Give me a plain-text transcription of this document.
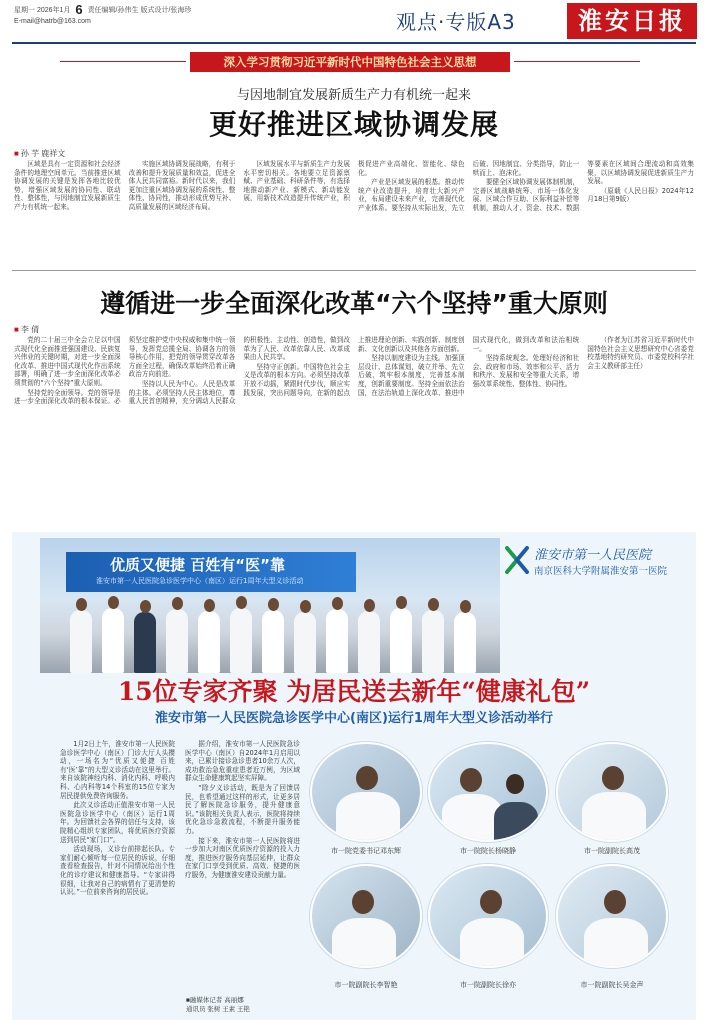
星期一 2026年1月 6 责任编辑/孙伟生 版式设计/张海珍
E-mail@hatrb@163.com	观点·专版A3	淮安日报
深入学习贯彻习近平新时代中国特色社会主义思想
与因地制宜发展新质生产力有机统一起来
更好推进区域协调发展
■ 孙 芋 鹿祥文

区域是具有一定资源和社会经济条件的地理空间单元。当前推进区域协调发展的关键是发挥各地比较优势，增强区域发展的协同性、联动性、整体性，与因地制宜发展新质生产力有机统一起来。

实施区域协调发展战略，有利于改善和提升发展质量和效益，促进全体人民共同富裕。新时代以来，我们更加注重区域协调发展的系统性、整体性、协同性，推动形成优势互补、高质量发展的区域经济布局。

区域发展水平与新质生产力发展水平密切相关。各地要立足资源禀赋、产业基础、科研条件等，有选择地推动新产业、新模式、新动能发展，用新技术改造提升传统产业，积极促进产业高端化、智能化、绿色化。

产业是区域发展的根基。推动传统产业改造提升，培育壮大新兴产业，布局建设未来产业，完善现代化产业体系。要坚持从实际出发，先立后破、因地制宜、分类指导，防止一哄而上、泡沫化。

要健全区域协调发展体制机制，完善区域战略统筹、市场一体化发展、区域合作互助、区际利益补偿等机制，推动人才、资金、技术、数据等要素在区域间合理流动和高效集聚，以区域协调发展促进新质生产力发展。

（原载《人民日报》2024年12月18日第9版）

遵循进一步全面深化改革“六个坚持”重大原则
■ 李 倩

党的二十届三中全会立足以中国式现代化全面推进强国建设、民族复兴伟业的关键时期，对进一步全面深化改革、推进中国式现代化作出系统部署，明确了进一步全面深化改革必须贯彻的“六个坚持”重大原则。

坚持党的全面领导。党的领导是进一步全面深化改革的根本保证。必须坚定维护党中央权威和集中统一领导，发挥党总揽全局、协调各方的领导核心作用，把党的领导贯穿改革各方面全过程，确保改革始终沿着正确政治方向前进。

坚持以人民为中心。人民是改革的主体。必须坚持人民主体地位，尊重人民首创精神，充分调动人民群众的积极性、主动性、创造性，做到改革为了人民、改革依靠人民、改革成果由人民共享。

坚持守正创新。中国特色社会主义是改革的根本方向。必须坚持改革开放不动摇，紧跟时代步伐，顺应实践发展，突出问题导向，在新的起点上推进理论创新、实践创新、制度创新、文化创新以及其他各方面创新。

坚持以制度建设为主线。加强顶层设计、总体谋划，破立并举、先立后破，筑牢根本制度，完善基本制度，创新重要制度。坚持全面依法治国，在法治轨道上深化改革、推进中国式现代化，做到改革和法治相统一。

坚持系统观念。处理好经济和社会、政府和市场、效率和公平、活力和秩序、发展和安全等重大关系，增强改革系统性、整体性、协同性。

（作者为江苏省习近平新时代中国特色社会主义思想研究中心省委党校基地特约研究员、市委党校科学社会主义教研部主任）

优质又便捷 百姓有“医”靠
淮安市第一人民医院急诊医学中心（南区）运行1周年大型义诊活动
淮安市第一人民医院
南京医科大学附属淮安第一医院
15位专家齐聚 为居民送去新年“健康礼包”
淮安市第一人民医院急诊医学中心(南区)运行1周年大型义诊活动举行

1月2日上午，淮安市第一人民医院急诊医学中心（南区）门诊大厅人头攒动，一场名为“优质又便捷 百姓有‘医’靠”的大型义诊活动在这里举行。来自该院神经内科、消化内科、呼吸内科、心内科等14个科室的15位专家为居民提供免费咨询服务。

此次义诊活动正值淮安市第一人民医院急诊医学中心（南区）运行1周年。为回馈社会各界的信任与支持，该院精心组织专家团队，将优质医疗资源送到居民“家门口”。

活动现场，义诊台前排起长队。专家们耐心倾听每一位居民的诉说，仔细查看检查报告，针对不同情况给出个性化的诊疗建议和健康指导。“专家讲得很细，让我对自己的病情有了更清楚的认识。”一位前来咨询的居民说。

据介绍，淮安市第一人民医院急诊医学中心（南区）自2024年1月启用以来，已累计接诊急诊患者10余万人次，成功救治急危重症患者近万例，为区域群众生命健康筑起坚实屏障。

“除夕义诊活动，既是为了回馈居民，也希望通过这样的形式，让更多居民了解医院急诊服务，提升健康意识。”该院相关负责人表示，医院将持续优化急诊急救流程，不断提升服务能力。

接下来，淮安市第一人民医院将进一步加大对南区优质医疗资源的投入力度，推进医疗服务向基层延伸，让群众在家门口享受到优质、高效、便捷的医疗服务，为健康淮安建设贡献力量。

■融媒体记者 高丽娜
通讯员 张树 王素 王艳
市一院党委书记邓东辉	市一院院长杨晓静	市一院副院长高茂
市一院副院长李智艳	市一院副院长徐亦	市一院副院长吴金声
